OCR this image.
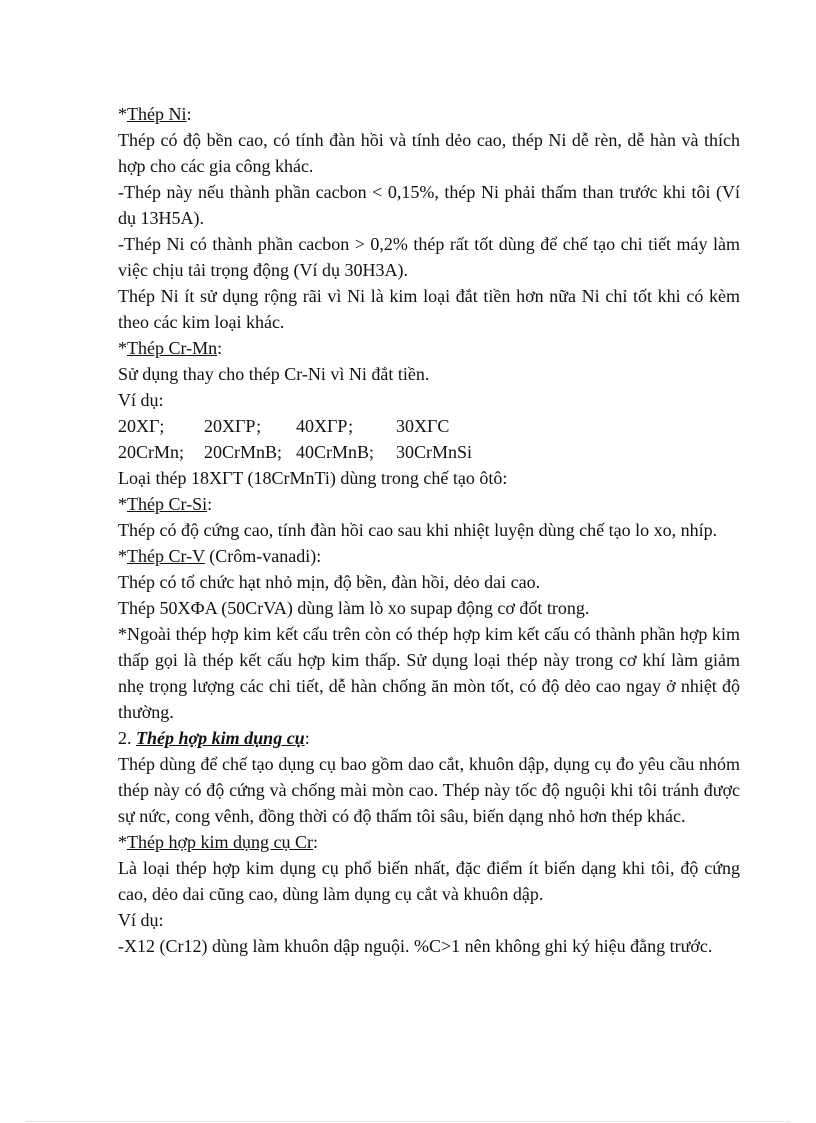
*Thép Ni:

Thép có độ bền cao, có tính đàn hồi và tính dẻo cao, thép Ni dễ rèn, dễ hàn và thích hợp cho các gia công khác.

-Thép này nếu thành phần cacbon < 0,15%, thép Ni phải thấm than trước khi tôi (Ví dụ 13H5A).

-Thép Ni có thành phần cacbon > 0,2% thép rất tốt dùng để chế tạo chi tiết máy làm việc chịu tải trọng động (Ví dụ 30H3A).

Thép Ni ít sử dụng rộng rãi vì Ni là kim loại đắt tiền hơn nữa Ni chỉ tốt khi có kèm theo các kim loại khác.

*Thép Cr-Mn:

Sử dụng thay cho thép Cr-Ni vì Ni đắt tiền.

Ví dụ:

20XГ;	20XГР;	40XГР;	30XГC
20CrMn;	20CrMnB; 40CrMnB;	30CrMnSi

Loại thép 18XГT (18CrMnTi) dùng trong chế tạo ôtô:

*Thép Cr-Si:

Thép có độ cứng cao, tính đàn hồi cao sau khi nhiệt luyện dùng chế tạo lo xo, nhíp.

*Thép Cr-V (Crôm-vanadi):

Thép có tổ chức hạt nhỏ mịn, độ bền, đàn hồi, dẻo dai cao.

Thép 50XФA (50CrVA) dùng làm lò xo supap động cơ đốt trong.

*Ngoài thép hợp kim kết cấu trên còn có thép hợp kim kết cấu có thành phần hợp kim thấp gọi là thép kết cấu hợp kim thấp. Sử dụng loại thép này trong cơ khí làm giảm nhẹ trọng lượng các chi tiết, dễ hàn chống ăn mòn tốt, có độ dẻo cao ngay ở nhiệt độ thường.

2. Thép hợp kim dụng cụ:

Thép dùng để chế tạo dụng cụ bao gồm dao cắt, khuôn dập, dụng cụ đo yêu cầu nhóm thép này có độ cứng và chống mài mòn cao. Thép này tốc độ nguội khi tôi tránh được sự nức, cong vênh, đồng thời có độ thấm tôi sâu, biến dạng nhỏ hơn thép khác.

*Thép hợp kim dụng cụ Cr:

Là loại thép hợp kim dụng cụ phổ biến nhất, đặc điểm ít biến dạng khi tôi, độ cứng cao, dẻo dai cũng cao, dùng làm dụng cụ cắt và khuôn dập.

Ví dụ:

-X12 (Cr12) dùng làm khuôn dập nguội. %C>1 nên không ghi ký hiệu đằng trước.
